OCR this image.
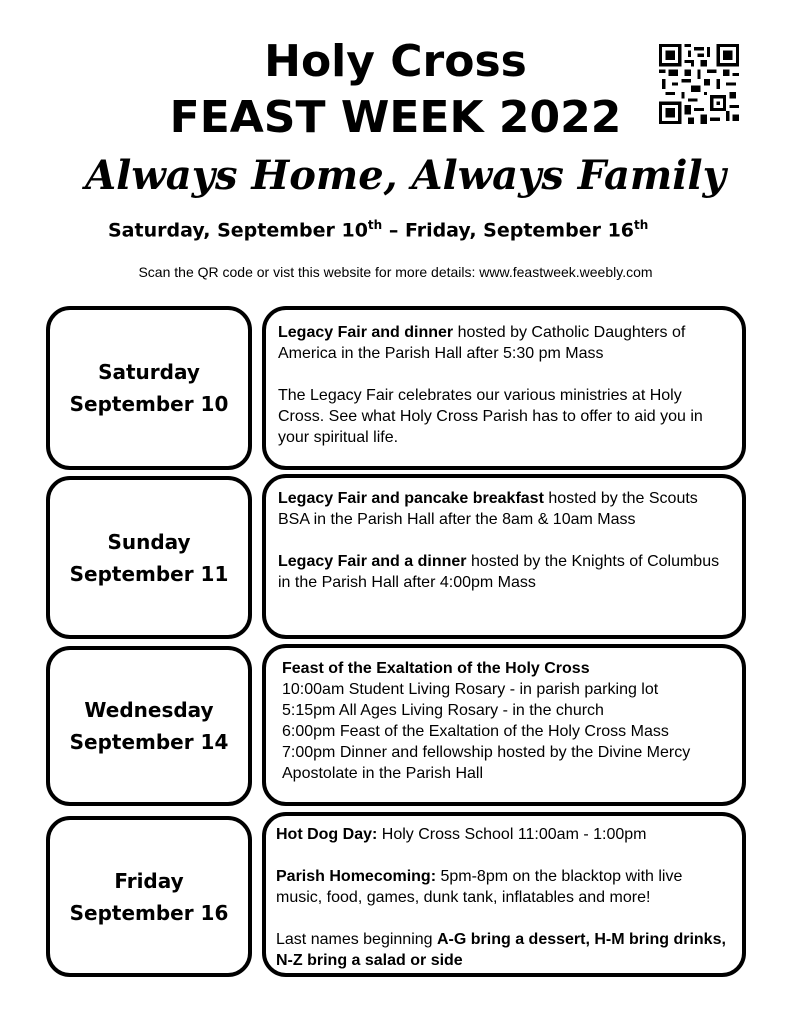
Holy Cross
FEAST WEEK 2022
Always Home, Always Family
Saturday, September 10th – Friday, September 16th
Scan the QR code or vist this website for more details: www.feastweek.weebly.com
Saturday
September 10

Legacy Fair and dinner hosted by Catholic Daughters of America in the Parish Hall after 5:30 pm Mass

The Legacy Fair celebrates our various ministries at Holy Cross. See what Holy Cross Parish has to offer to aid you in your spiritual life.

Sunday
September 11

Legacy Fair and pancake breakfast hosted by the Scouts BSA in the Parish Hall after the 8am & 10am Mass

Legacy Fair and a dinner hosted by the Knights of Columbus in the Parish Hall after 4:00pm Mass

Wednesday
September 14

Feast of the Exaltation of the Holy Cross

10:00am Student Living Rosary - in parish parking lot

5:15pm All Ages Living Rosary - in the church

6:00pm Feast of the Exaltation of the Holy Cross Mass

7:00pm Dinner and fellowship hosted by the Divine Mercy Apostolate in the Parish Hall

Friday
September 16

Hot Dog Day: Holy Cross School 11:00am - 1:00pm

Parish Homecoming: 5pm-8pm on the blacktop with live music, food, games, dunk tank, inflatables and more!

Last names beginning A-G bring a dessert, H-M bring drinks, N-Z bring a salad or side
